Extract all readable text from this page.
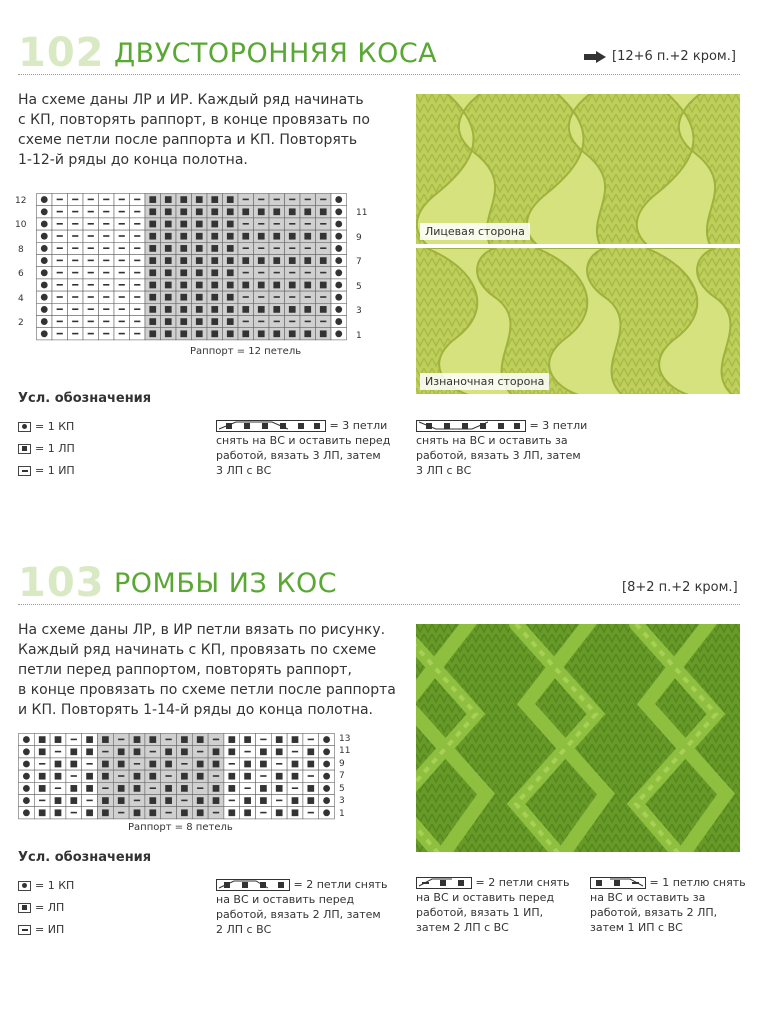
102 ДВУСТОРОННЯЯ КОСА	[12+6 п.+2 кром.]
На схеме даны ЛР и ИР. Каждый ряд начинать
с КП, повторять раппорт, в конце провязать по
схеме петли после раппорта и КП. Повторять
1-12-й ряды до конца полотна.
12
10
8
6
4
2
11
9
7
5
3
1
Раппорт = 12 петель
Лицевая сторона
Изнаночная сторона
Усл. обозначения
= 1 КП
= 1 ЛП
= 1 ИП
= 3 петли
снять на ВС и оставить перед
работой, вязать 3 ЛП, затем
3 ЛП с ВС
= 3 петли
снять на ВС и оставить за
работой, вязать 3 ЛП, затем
3 ЛП с ВС
103 РОМБЫ ИЗ КОС	[8+2 п.+2 кром.]
На схеме даны ЛР, в ИР петли вязать по рисунку.
Каждый ряд начинать с КП, провязать по схеме
петли перед раппортом, повторять раппорт,
в конце провязать по схеме петли после раппорта
и КП. Повторять 1-14-й ряды до конца полотна.
13
11
9
7
5
3
1
Раппорт = 8 петель
Усл. обозначения
= 1 КП
= ЛП
= ИП
= 2 петли снять
на ВС и оставить перед
работой, вязать 2 ЛП, затем
2 ЛП с ВС
= 2 петли снять
на ВС и оставить перед
работой, вязать 1 ИП,
затем 2 ЛП с ВС
= 1 петлю снять
на ВС и оставить за
работой, вязать 2 ЛП,
затем 1 ИП с ВС
